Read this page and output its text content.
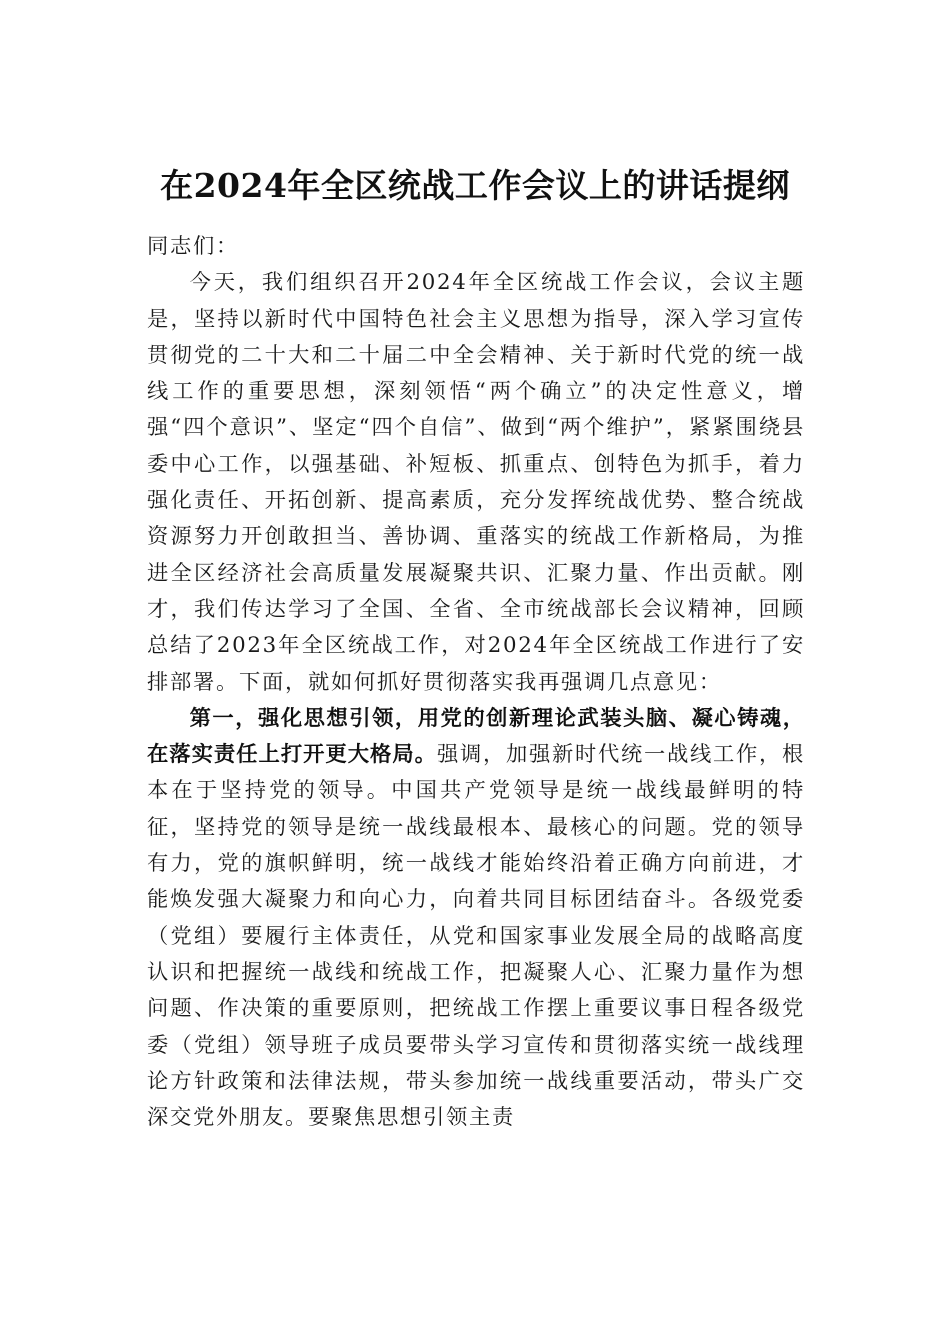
在2024年全区统战工作会议上的讲话提纲

同志们：

今天，我们组织召开2024年全区统战工作会议，会议主题是，坚持以新时代中国特色社会主义思想为指导，深入学习宣传贯彻党的二十大和二十届二中全会精神、关于新时代党的统一战线工作的重要思想，深刻领悟“两个确立”的决定性意义，增强“四个意识”、坚定“四个自信”、做到“两个维护”，紧紧围绕县委中心工作，以强基础、补短板、抓重点、创特色为抓手，着力强化责任、开拓创新、提高素质，充分发挥统战优势、整合统战资源努力开创敢担当、善协调、重落实的统战工作新格局，为推进全区经济社会高质量发展凝聚共识、汇聚力量、作出贡献。刚才，我们传达学习了全国、全省、全市统战部长会议精神，回顾总结了2023年全区统战工作，对2024年全区统战工作进行了安排部署。下面，就如何抓好贯彻落实我再强调几点意见：

第一，强化思想引领，用党的创新理论武装头脑、凝心铸魂，在落实责任上打开更大格局。强调，加强新时代统一战线工作，根本在于坚持党的领导。中国共产党领导是统一战线最鲜明的特征，坚持党的领导是统一战线最根本、最核心的问题。党的领导有力，党的旗帜鲜明，统一战线才能始终沿着正确方向前进，才能焕发强大凝聚力和向心力，向着共同目标团结奋斗。各级党委（党组）要履行主体责任，从党和国家事业发展全局的战略高度认识和把握统一战线和统战工作，把凝聚人心、汇聚力量作为想问题、作决策的重要原则，把统战工作摆上重要议事日程各级党委（党组）领导班子成员要带头学习宣传和贯彻落实统一战线理论方针政策和法律法规，带头参加统一战线重要活动，带头广交深交党外朋友。要聚焦思想引领主责
